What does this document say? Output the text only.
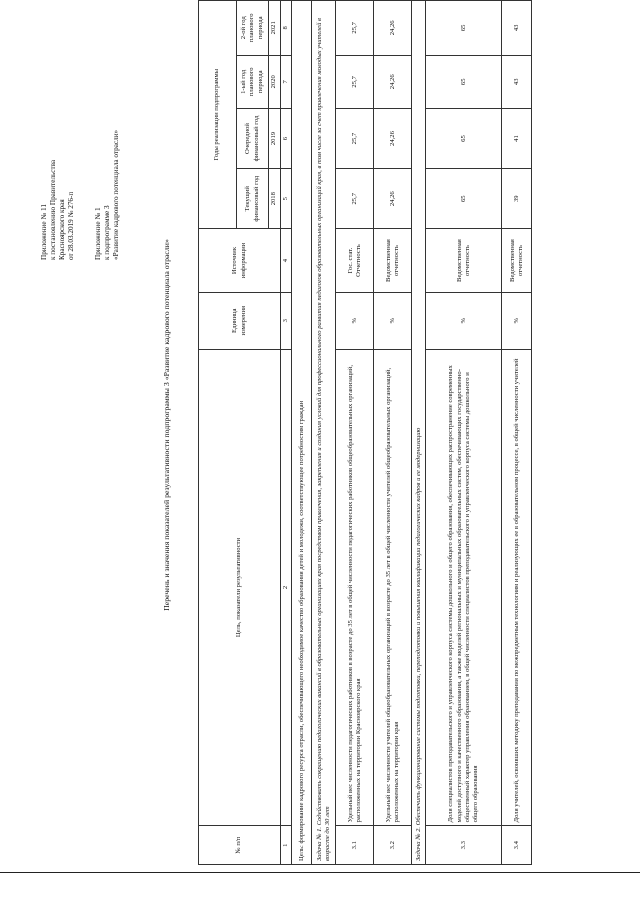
Приложение № 11 к постановлению Правительства Красноярского края от 28.03.2019 № 276-п	Приложение № 1 к подпрограмме 3 «Развитие кадрового потенциала отрасли»
Перечень и значения показателей результативности подпрограммы 3 «Развитие кадрового потенциала отрасли»
№ п/п	Цель, показатели результативности	Единица измерения	Источник информации	Годы реализации подпрограммы			
				Текущий финансовый год	Очередной финансовый год	1-ый год планового периода	2-ой год планового периода
				2018	2019	2020	2021
1	2	3	4	5	6	7	8
Цель: формирование кадрового ресурса отрасли, обеспечивающего необходимое качество образования детей и молодежи, соответствующее потребностям граждан							
Задача № 1. Содействовать сокращению педагогических вакансий в образовательных организациях края посредством привлечения, закрепления и создания условий для профессионального развития педагогов образовательных организаций края, в том числе за счет привлечения молодых учителей в возрасте до 30 лет							
3.1	Удельный вес численности педагогических работников в возрасте до 35 лет в общей численности педагогических работников общеобразовательных организаций, расположенных на территории Красноярского края	%	Гос. стат. Отчетность	25,7	25,7	25,7	25,7
3.2	Удельный вес численности учителей общеобразовательных организаций в возрасте до 35 лет в общей численности учителей общеобразовательных организаций, расположенных на территории края	%	Ведомственная отчетность	24,26	24,26	24,26	24,26
Задача № 2. Обеспечить функционирование системы подготовки, переподготовки и повышения квалификации педагогических кадров и ее модернизацию							
3.3	Доля специалистов преподавательского и управленческого корпуса системы дошкольного и общего образования, обеспечивающих распространение современных моделей доступного и качественного образования, а также моделей региональных и муниципальных образовательных систем, обеспечивающих государственно-общественный характер управления образованием, в общей численности специалистов преподавательского и управленческого корпуса системы дошкольного и общего образования	%	Ведомственная отчетность	65	65	65	65
3.4	Доля учителей, освоивших методику преподавания по межпредметным технологиям и реализующих ее в образовательном процессе, в общей численности учителей	%	Ведомственная отчетность	39	41	43	43
